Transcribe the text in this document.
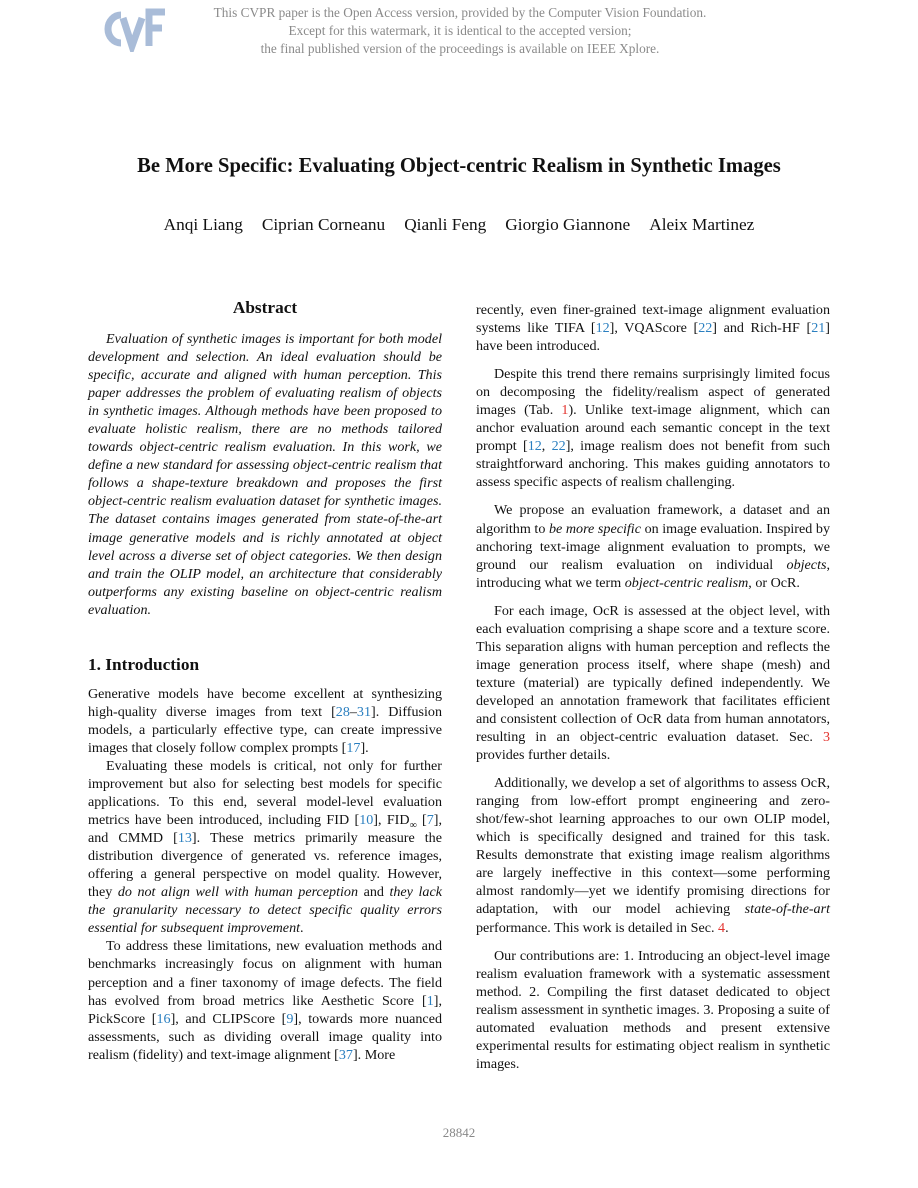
This CVPR paper is the Open Access version, provided by the Computer Vision Foundation.
Except for this watermark, it is identical to the accepted version;
the final published version of the proceedings is available on IEEE Xplore.
Be More Specific: Evaluating Object-centric Realism in Synthetic Images
Anqi Liang Ciprian Corneanu Qianli Feng Giorgio Giannone Aleix Martinez
Abstract

Evaluation of synthetic images is important for both model development and selection. An ideal evaluation should be specific, accurate and aligned with human perception. This paper addresses the problem of evaluating realism of objects in synthetic images. Although methods have been proposed to evaluate holistic realism, there are no methods tailored towards object-centric realism evaluation. In this work, we define a new standard for assessing object-centric realism that follows a shape-texture breakdown and proposes the first object-centric realism evaluation dataset for synthetic images. The dataset contains images generated from state-of-the-art image generative models and is richly annotated at object level across a diverse set of object categories. We then design and train the OLIP model, an architecture that considerably outperforms any existing baseline on object-centric realism evaluation.

1. Introduction

Generative models have become excellent at synthesizing high-quality diverse images from text [28–31]. Diffusion models, a particularly effective type, can create impressive images that closely follow complex prompts [17].

Evaluating these models is critical, not only for further improvement but also for selecting best models for specific applications. To this end, several model-level evaluation metrics have been introduced, including FID [10], $FID_\infty$ [7], and CMMD [13]. These metrics primarily measure the distribution divergence of generated vs. reference images, offering a general perspective on model quality. However, they do not align well with human perception and they lack the granularity necessary to detect specific quality errors essential for subsequent improvement.

To address these limitations, new evaluation methods and benchmarks increasingly focus on alignment with human perception and a finer taxonomy of image defects. The field has evolved from broad metrics like Aesthetic Score [1], PickScore [16], and CLIPScore [9], towards more nuanced assessments, such as dividing overall image quality into realism (fidelity) and text-image alignment [37]. More

recently, even finer-grained text-image alignment evaluation systems like TIFA [12], VQAScore [22] and Rich-HF [21] have been introduced.

Despite this trend there remains surprisingly limited focus on decomposing the fidelity/realism aspect of generated images (Tab. 1). Unlike text-image alignment, which can anchor evaluation around each semantic concept in the text prompt [12, 22], image realism does not benefit from such straightforward anchoring. This makes guiding annotators to assess specific aspects of realism challenging.

We propose an evaluation framework, a dataset and an algorithm to be more specific on image evaluation. Inspired by anchoring text-image alignment evaluation to prompts, we ground our realism evaluation on individual objects, introducing what we term object-centric realism, or OcR.

For each image, OcR is assessed at the object level, with each evaluation comprising a shape score and a texture score. This separation aligns with human perception and reflects the image generation process itself, where shape (mesh) and texture (material) are typically defined independently. We developed an annotation framework that facilitates efficient and consistent collection of OcR data from human annotators, resulting in an object-centric evaluation dataset. Sec. 3 provides further details.

Additionally, we develop a set of algorithms to assess OcR, ranging from low-effort prompt engineering and zero-shot/few-shot learning approaches to our own OLIP model, which is specifically designed and trained for this task. Results demonstrate that existing image realism algorithms are largely ineffective in this context—some performing almost randomly—yet we identify promising directions for adaptation, with our model achieving state-of-the-art performance. This work is detailed in Sec. 4.

Our contributions are: 1. Introducing an object-level image realism evaluation framework with a systematic assessment method. 2. Compiling the first dataset dedicated to object realism assessment in synthetic images. 3. Proposing a suite of automated evaluation methods and present extensive experimental results for estimating object realism in synthetic images.

28842
